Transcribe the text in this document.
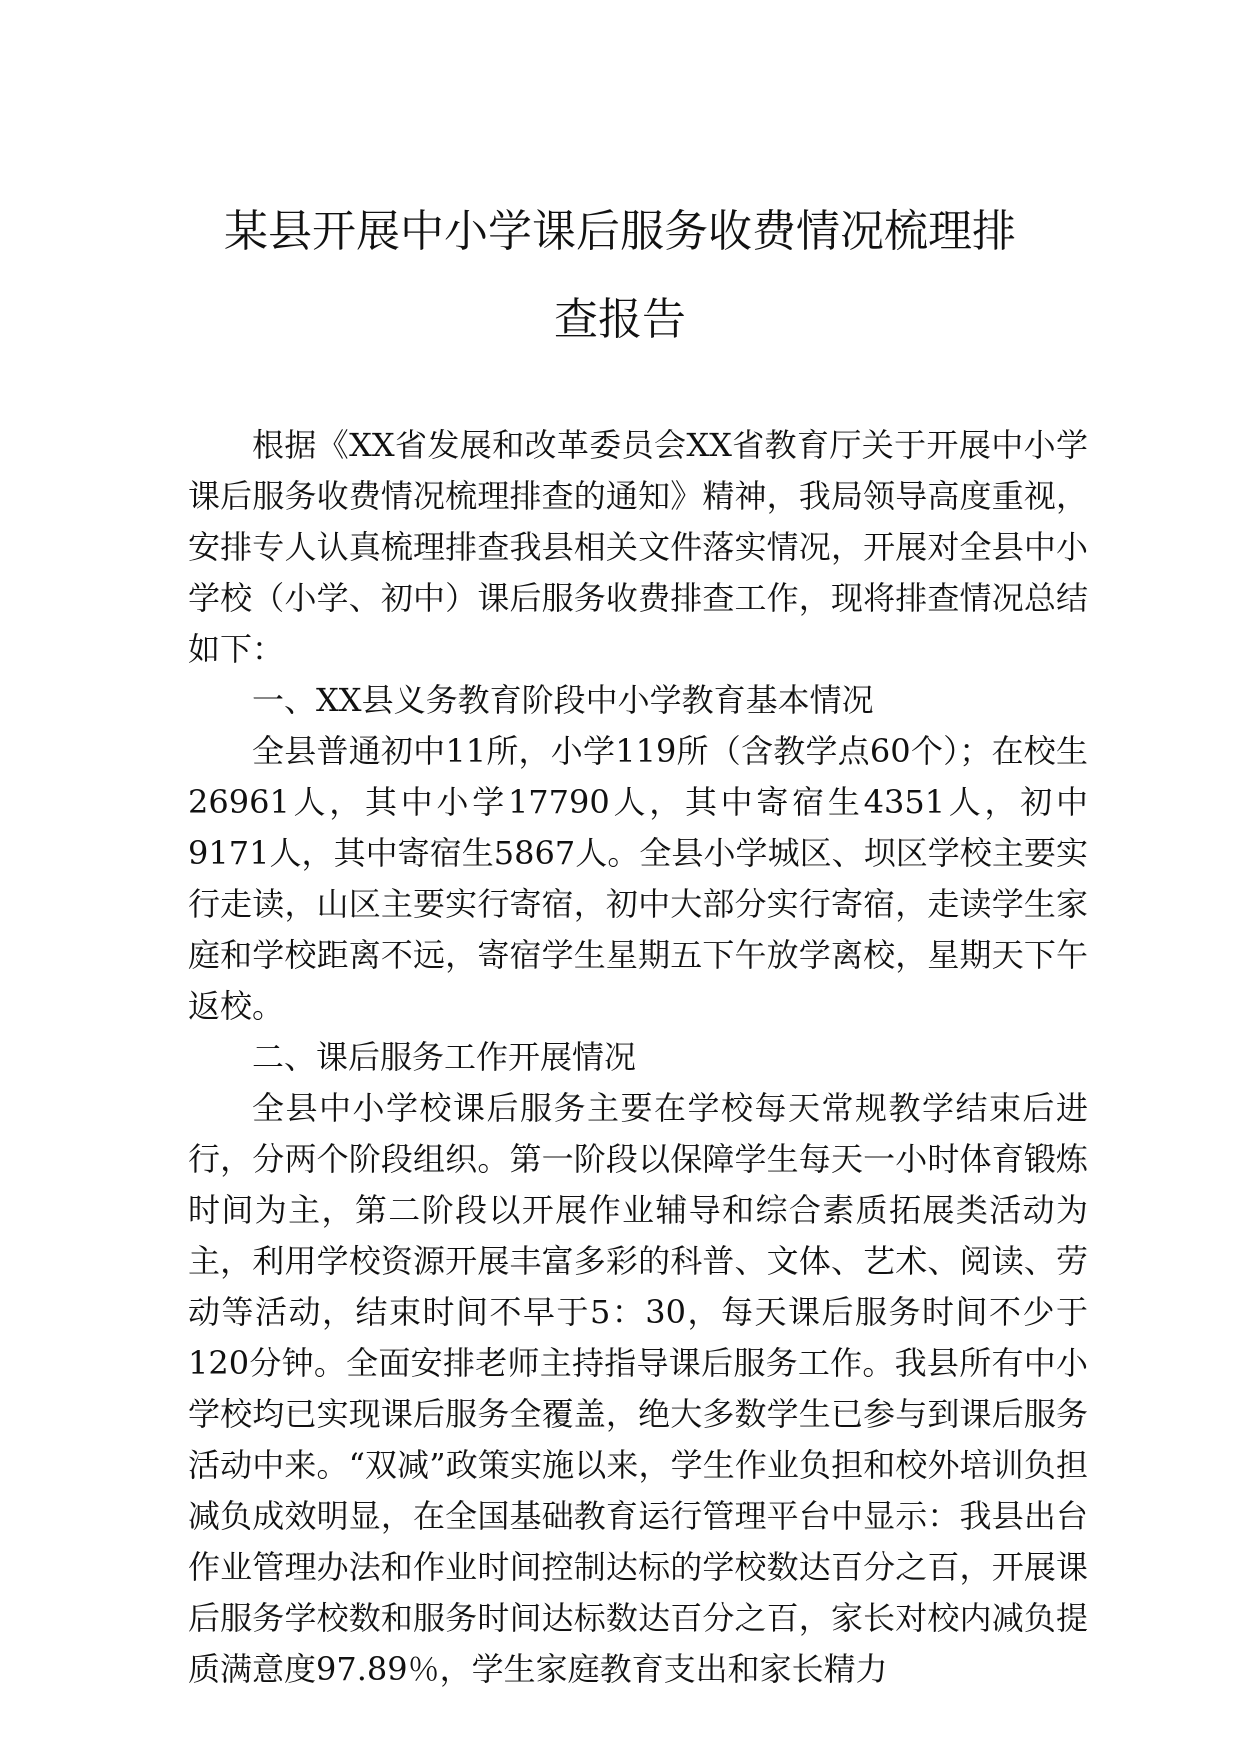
某县开展中小学课后服务收费情况梳理排
查报告

根据《XX省发展和改革委员会XX省教育厅关于开展中小学课后服务收费情况梳理排查的通知》精神，我局领导高度重视，安排专人认真梳理排查我县相关文件落实情况，开展对全县中小学校（小学、初中）课后服务收费排查工作，现将排查情况总结如下：

一、XX县义务教育阶段中小学教育基本情况

全县普通初中11所，小学119所（含教学点60个）；在校生26961人，其中小学17790人，其中寄宿生4351人，初中9171人，其中寄宿生5867人。全县小学城区、坝区学校主要实行走读，山区主要实行寄宿，初中大部分实行寄宿，走读学生家庭和学校距离不远，寄宿学生星期五下午放学离校，星期天下午返校。

二、课后服务工作开展情况

全县中小学校课后服务主要在学校每天常规教学结束后进行，分两个阶段组织。第一阶段以保障学生每天一小时体育锻炼时间为主，第二阶段以开展作业辅导和综合素质拓展类活动为主，利用学校资源开展丰富多彩的科普、文体、艺术、阅读、劳动等活动，结束时间不早于5：30，每天课后服务时间不少于120分钟。全面安排老师主持指导课后服务工作。我县所有中小学校均已实现课后服务全覆盖，绝大多数学生已参与到课后服务活动中来。“双减”政策实施以来，学生作业负担和校外培训负担减负成效明显，在全国基础教育运行管理平台中显示：我县出台作业管理办法和作业时间控制达标的学校数达百分之百，开展课后服务学校数和服务时间达标数达百分之百，家长对校内减负提质满意度97.89％，学生家庭教育支出和家长精力
